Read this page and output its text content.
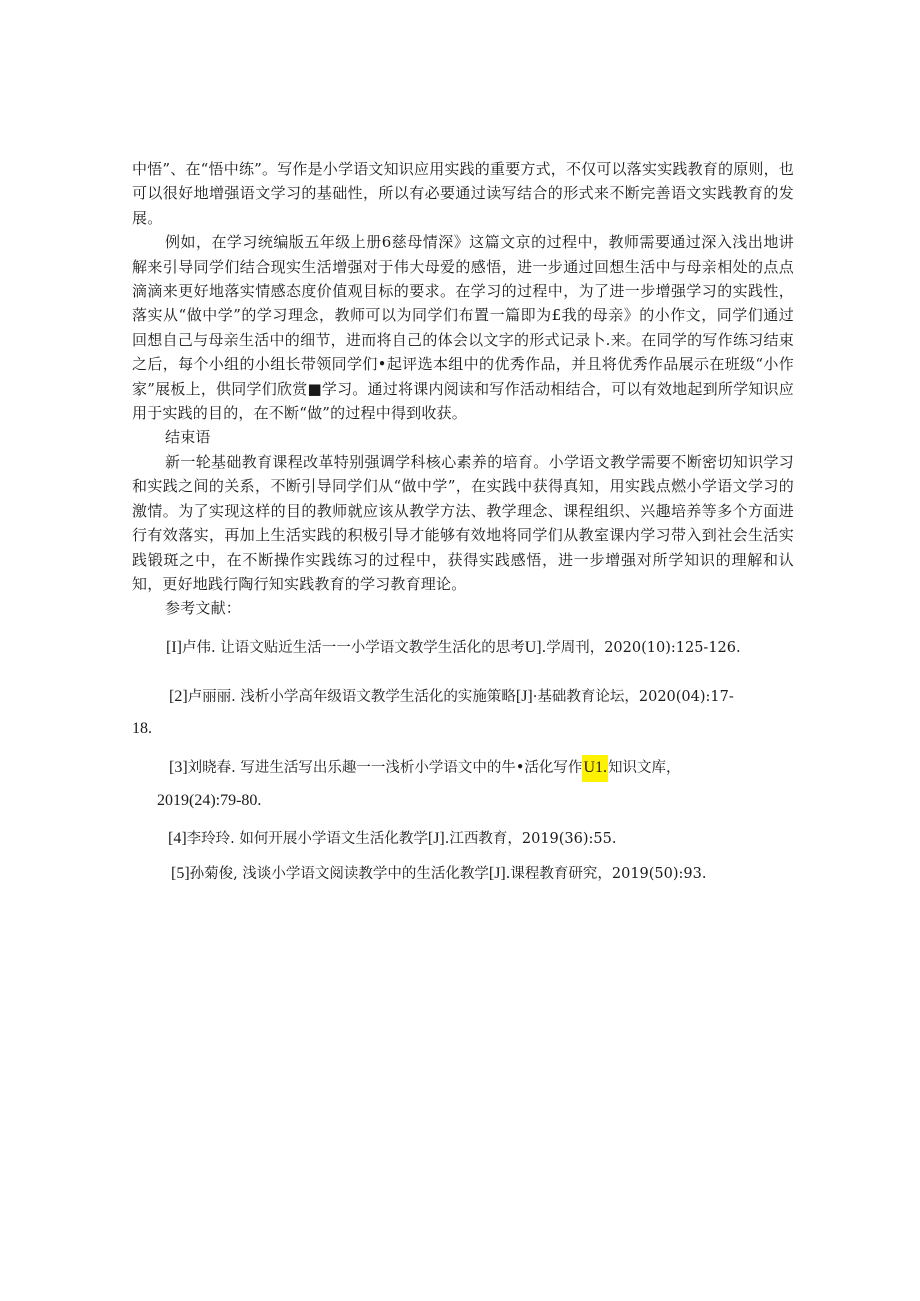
中悟”、在“悟中练”。写作是小学语文知识应用实践的重要方式，不仅可以落实实践教育的原则，也可以很好地增强语文学习的基础性，所以有必要通过读写结合的形式来不断完善语文实践教育的发展。

例如，在学习统编版五年级上册6慈母情深》这篇文京的过程中，教师需要通过深入浅出地讲解来引导同学们结合现实生活增强对于伟大母爱的感悟，进一步通过回想生活中与母亲相处的点点滴滴来更好地落实情感态度价值观目标的要求。在学习的过程中，为了进一步增强学习的实践性，落实从“做中学”的学习理念，教师可以为同学们布置一篇即为£我的母亲》的小作文，同学们通过回想自己与母亲生活中的细节，进而将自己的体会以文字的形式记录卜.来。在同学的写作练习结束之后，每个小组的小组长带领同学们•起评选本组中的优秀作品，并且将优秀作品展示在班级“小作家”展板上，供同学们欣赏■学习。通过将课内阅读和写作活动相结合，可以有效地起到所学知识应用于实践的目的，在不断“做”的过程中得到收获。

结束语

新一轮基础教育课程改革特别强调学科核心素养的培育。小学语文教学需要不断密切知识学习和实践之间的关系，不断引导同学们从“做中学”，在实践中获得真知，用实践点燃小学语文学习的激情。为了实现这样的目的教师就应该从教学方法、教学理念、课程组织、兴趣培养等多个方面进行有效落实，再加上生活实践的积极引导才能够有效地将同学们从教室课内学习带入到社会生活实践锻斑之中，在不断操作实践练习的过程中，获得实践感悟，进一步增强对所学知识的理解和认知，更好地践行陶行知实践教育的学习教育理论。

参考文献：

[I]卢伟. 让语文贴近生活一一小学语文教学生活化的思考U].学周刊，2020(10):125-126.
[2]卢丽丽. 浅析小学高年级语文教学生活化的实施策略[J]·基础教育论坛，2020(04):17-
18.
[3]刘晓春. 写进生活写出乐趣一一浅析小学语文中的牛•活化写作U1.知识文库，
2019(24):79-80.
[4]李玲玲. 如何开展小学语文生活化教学[J].江西教育，2019(36):55.
[5]孙菊俊, 浅谈小学语文阅读教学中的生活化教学[J].课程教育研究，2019(50):93.
